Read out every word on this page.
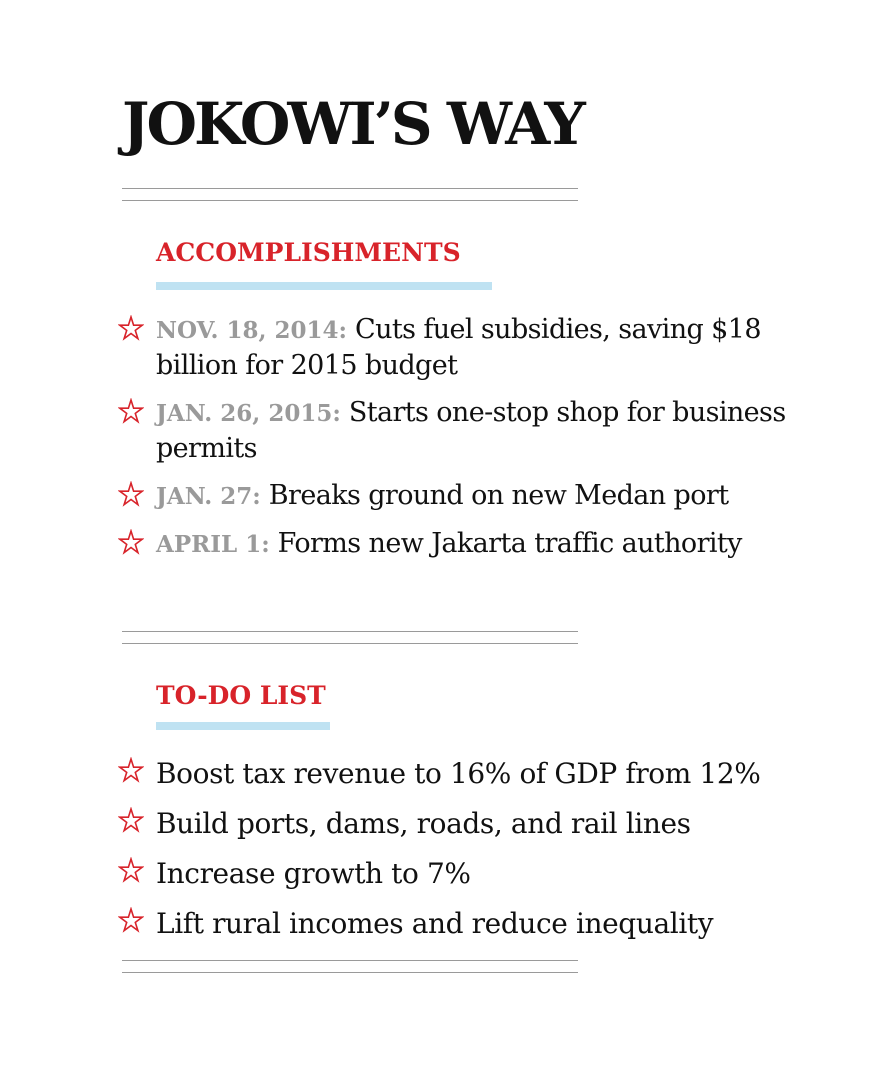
JOKOWI’S WAY
ACCOMPLISHMENTS
NOV. 18, 2014: Cuts fuel subsidies, saving $18 billion for 2015 budget
JAN. 26, 2015: Starts one-stop shop for business permits
JAN. 27: Breaks ground on new Medan port
APRIL 1: Forms new Jakarta traffic authority
TO-DO LIST
Boost tax revenue to 16% of GDP from 12%
Build ports, dams, roads, and rail lines
Increase growth to 7%
Lift rural incomes and reduce inequality
